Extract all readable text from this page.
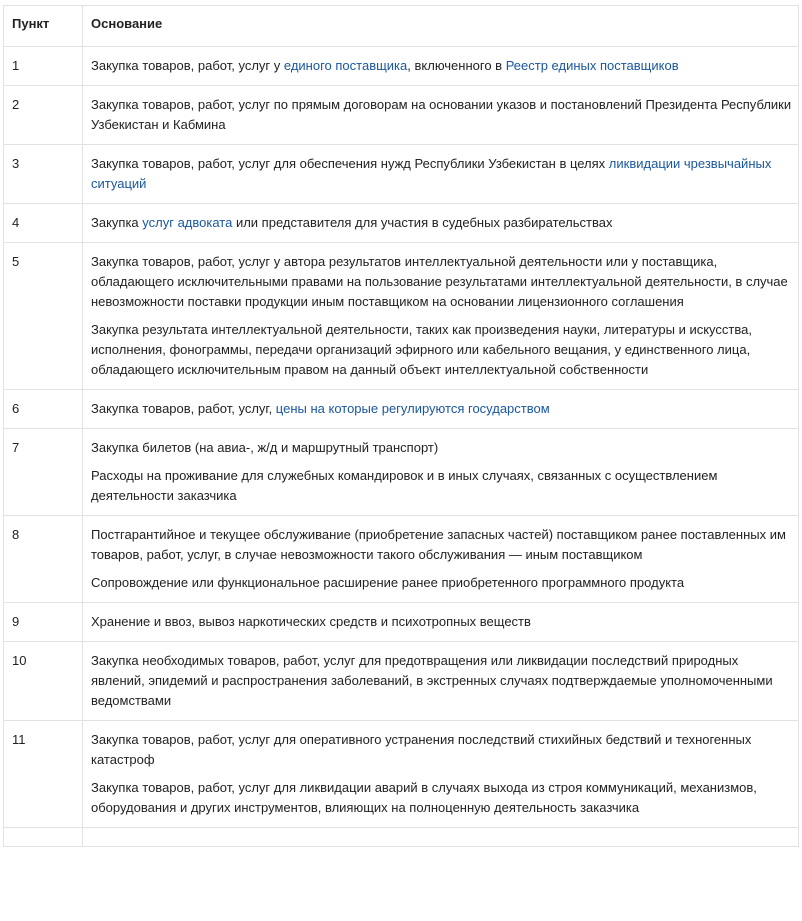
Пункт	Основание
1	Закупка товаров, работ, услуг у единого поставщика, включенного в Реестр единых поставщиков

2	Закупка товаров, работ, услуг по прямым договорам на основании указов и постановлений Президента Республики Узбекистан и Кабмина

3	Закупка товаров, работ, услуг для обеспечения нужд Республики Узбекистан в целях ликвидации чрезвычайных ситуаций

4	Закупка услуг адвоката или представителя для участия в судебных разбирательствах

5	Закупка товаров, работ, услуг у автора результатов интеллектуальной деятельности или у поставщика, обладающего исключительными правами на пользование результатами интеллектуальной деятельности, в случае невозможности поставки продукции иным поставщиком на основании лицензионного соглашения

Закупка результата интеллектуальной деятельности, таких как произведения науки, литературы и искусства, исполнения, фонограммы, передачи организаций эфирного или кабельного вещания, у единственного лица, обладающего исключительным правом на данный объект интеллектуальной собственности

6	Закупка товаров, работ, услуг, цены на которые регулируются государством

7	Закупка билетов (на авиа-, ж/д и маршрутный транспорт)

Расходы на проживание для служебных командировок и в иных случаях, связанных с осуществлением деятельности заказчика

8	Постгарантийное и текущее обслуживание (приобретение запасных частей) поставщиком ранее поставленных им товаров, работ, услуг, в случае невозможности такого обслуживания — иным поставщиком

Сопровождение или функциональное расширение ранее приобретенного программного продукта

9	Хранение и ввоз, вывоз наркотических средств и психотропных веществ

10	Закупка необходимых товаров, работ, услуг для предотвращения или ликвидации последствий природных явлений, эпидемий и распространения заболеваний, в экстренных случаях подтверждаемые уполномоченными ведомствами

11	Закупка товаров, работ, услуг для оперативного устранения последствий стихийных бедствий и техногенных катастроф

Закупка товаров, работ, услуг для ликвидации аварий в случаях выхода из строя коммуникаций, механизмов, оборудования и других инструментов, влияющих на полноценную деятельность заказчика
